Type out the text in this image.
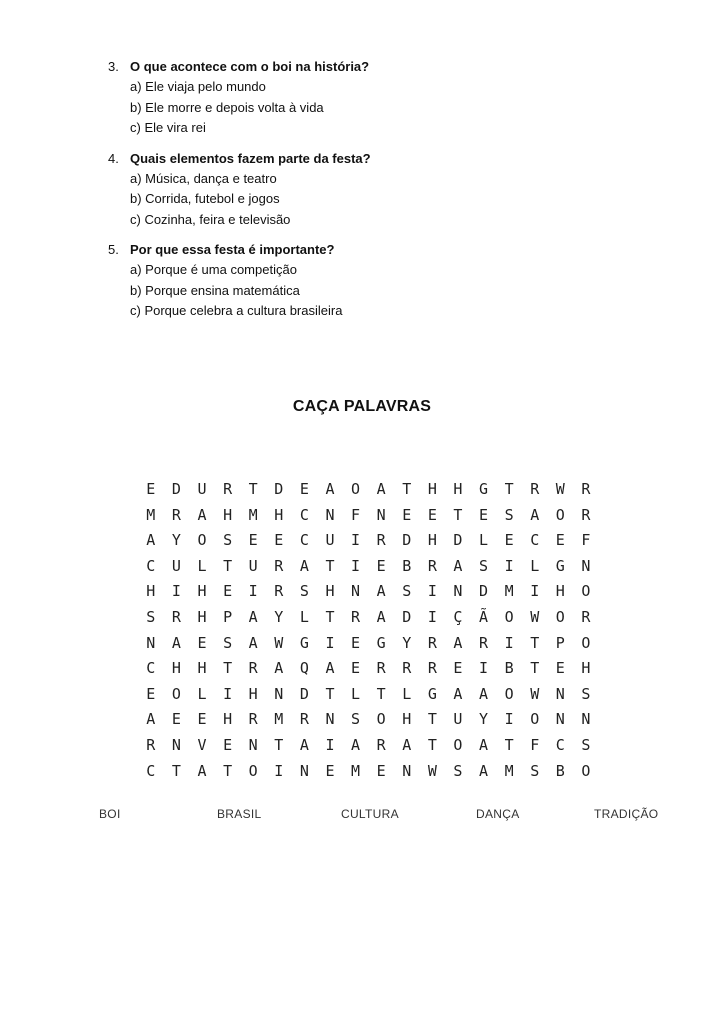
3. O que acontece com o boi na história?
a) Ele viaja pelo mundo
b) Ele morre e depois volta à vida
c) Ele vira rei
4. Quais elementos fazem parte da festa?
a) Música, dança e teatro
b) Corrida, futebol e jogos
c) Cozinha, feira e televisão
5. Por que essa festa é importante?
a) Porque é uma competição
b) Porque ensina matemática
c) Porque celebra a cultura brasileira
CAÇA PALAVRAS
E	D	U	R	T	D	E	A	O	A	T	H	H	G	T	R	W	R
M	R	A	H	M	H	C	N	F	N	E	E	T	E	S	A	O	R
A	Y	O	S	E	E	C	U	I	R	D	H	D	L	E	C	E	F
C	U	L	T	U	R	A	T	I	E	B	R	A	S	I	L	G	N
H	I	H	E	I	R	S	H	N	A	S	I	N	D	M	I	H	O
S	R	H	P	A	Y	L	T	R	A	D	I	Ç	Ã	O	W	O	R
N	A	E	S	A	W	G	I	E	G	Y	R	A	R	I	T	P	O
C	H	H	T	R	A	Q	A	E	R	R	R	E	I	B	T	E	H
E	O	L	I	H	N	D	T	L	T	L	G	A	A	O	W	N	S
A	E	E	H	R	M	R	N	S	O	H	T	U	Y	I	O	N	N
R	N	V	E	N	T	A	I	A	R	A	T	O	A	T	F	C	S
C	T	A	T	O	I	N	E	M	E	N	W	S	A	M	S	B	O
BOI	BRASIL	CULTURA	DANÇA	TRADIÇÃO
